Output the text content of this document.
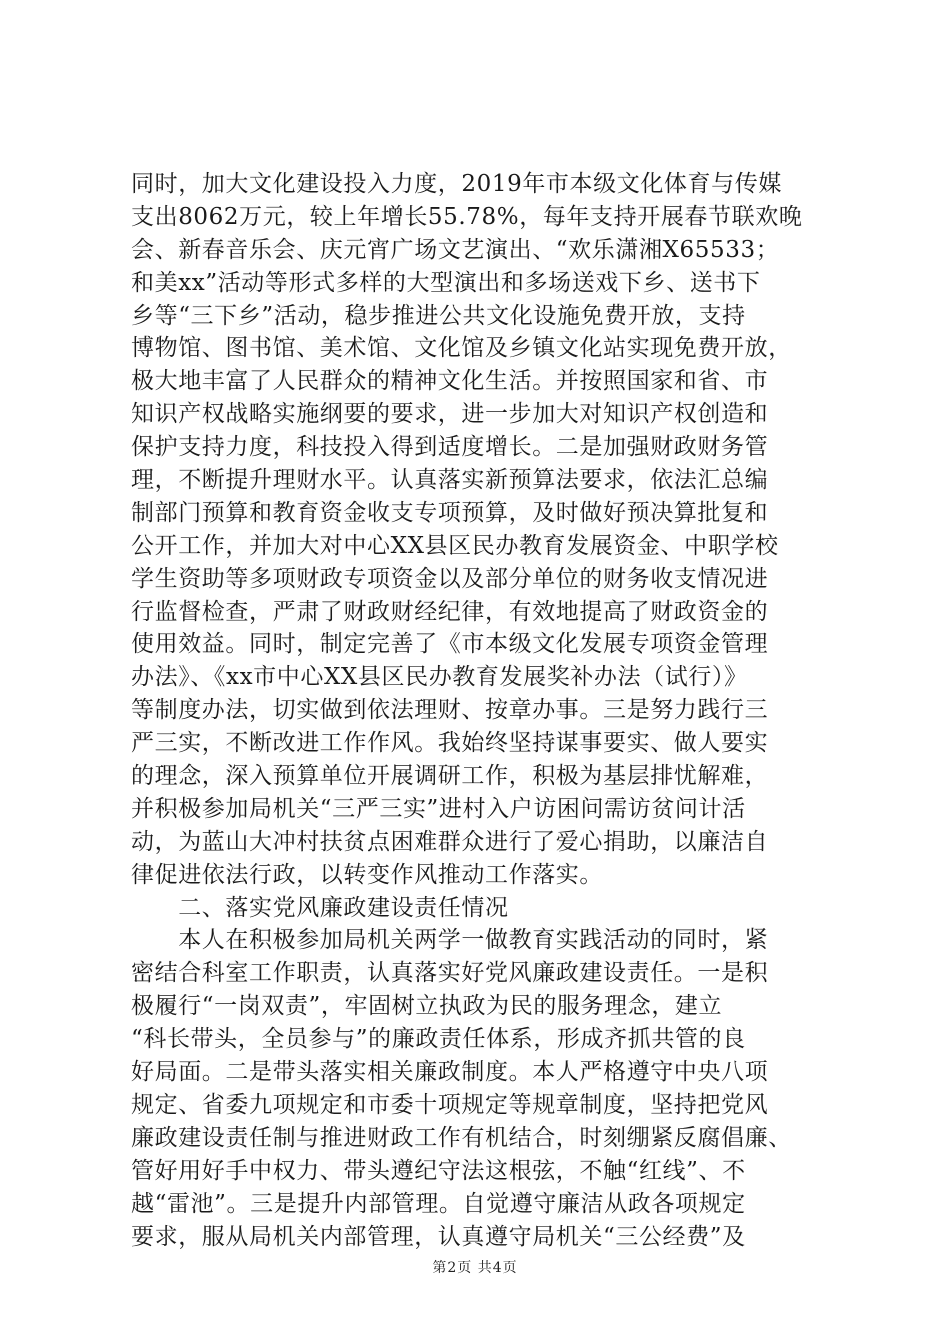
同时，加大文化建设投入力度，2019年市本级文化体育与传媒
支出8062万元，较上年增长55.78%，每年支持开展春节联欢晚
会、新春音乐会、庆元宵广场文艺演出、“欢乐潇湘X65533；
和美xx”活动等形式多样的大型演出和多场送戏下乡、送书下
乡等“三下乡”活动，稳步推进公共文化设施免费开放，支持
博物馆、图书馆、美术馆、文化馆及乡镇文化站实现免费开放，
极大地丰富了人民群众的精神文化生活。并按照国家和省、市
知识产权战略实施纲要的要求，进一步加大对知识产权创造和
保护支持力度，科技投入得到适度增长。二是加强财政财务管
理，不断提升理财水平。认真落实新预算法要求，依法汇总编
制部门预算和教育资金收支专项预算，及时做好预决算批复和
公开工作，并加大对中心XX县区民办教育发展资金、中职学校
学生资助等多项财政专项资金以及部分单位的财务收支情况进
行监督检查，严肃了财政财经纪律，有效地提高了财政资金的
使用效益。同时，制定完善了《市本级文化发展专项资金管理
办法》、《xx市中心XX县区民办教育发展奖补办法（试行）》
等制度办法，切实做到依法理财、按章办事。三是努力践行三
严三实，不断改进工作作风。我始终坚持谋事要实、做人要实
的理念，深入预算单位开展调研工作，积极为基层排忧解难，
并积极参加局机关“三严三实”进村入户访困问需访贫问计活
动，为蓝山大冲村扶贫点困难群众进行了爱心捐助，以廉洁自
律促进依法行政，以转变作风推动工作落实。
　　二、落实党风廉政建设责任情况
　　本人在积极参加局机关两学一做教育实践活动的同时，紧
密结合科室工作职责，认真落实好党风廉政建设责任。一是积
极履行“一岗双责”，牢固树立执政为民的服务理念，建立
“科长带头，全员参与”的廉政责任体系，形成齐抓共管的良
好局面。二是带头落实相关廉政制度。本人严格遵守中央八项
规定、省委九项规定和市委十项规定等规章制度，坚持把党风
廉政建设责任制与推进财政工作有机结合，时刻绷紧反腐倡廉、
管好用好手中权力、带头遵纪守法这根弦，不触“红线”、不
越“雷池”。三是提升内部管理。自觉遵守廉洁从政各项规定
要求，服从局机关内部管理，认真遵守局机关“三公经费”及
第2页 共4页
